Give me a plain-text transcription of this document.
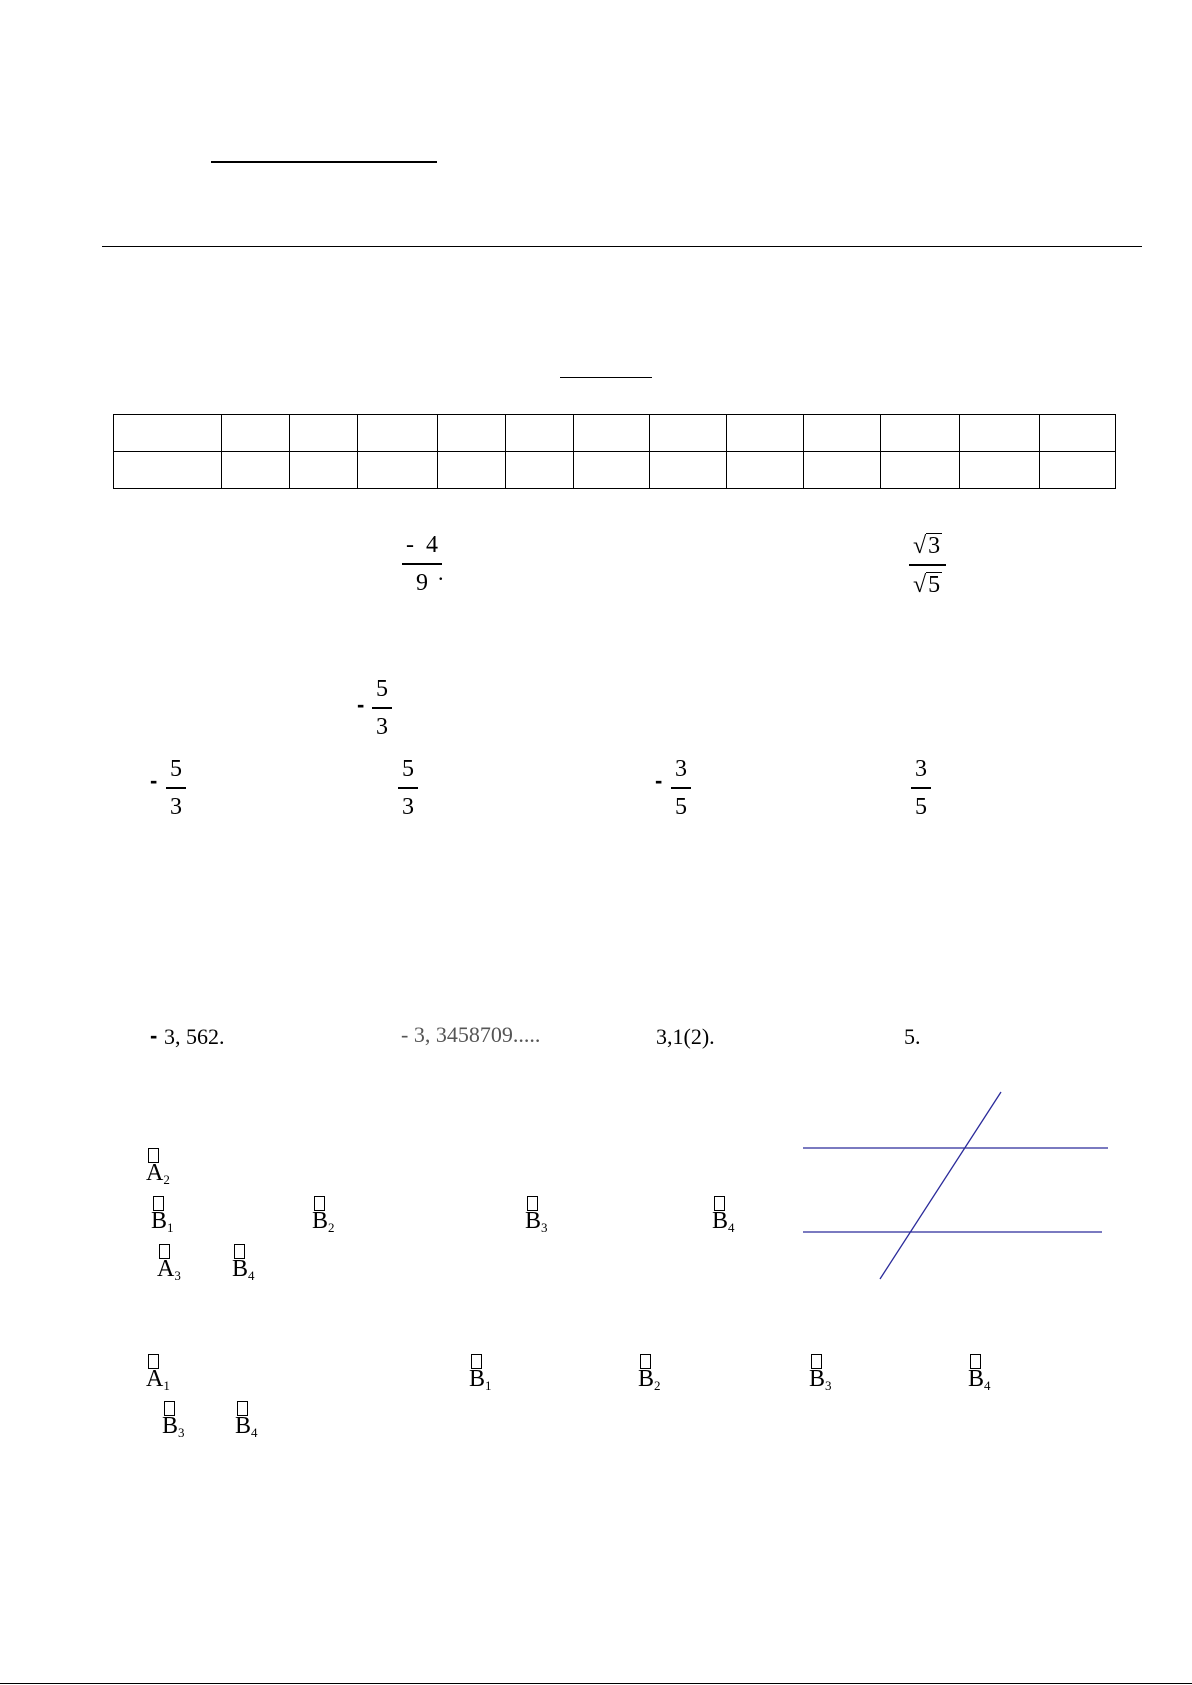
- 4
9 .
√ 3
√ 5
-
5
3
- 5
3
5
3
- 3
5
3
5
- 3, 562.	- 3, 3458709.....	3,1(2).	5.
$A_2$
$B_1$	$B_2$	$B_3$	$B_4$
$A_3$ $B_4$
$A_1$	$B_1$	$B_2$	$B_3$	$B_4$
$B_3$ $B_4$
